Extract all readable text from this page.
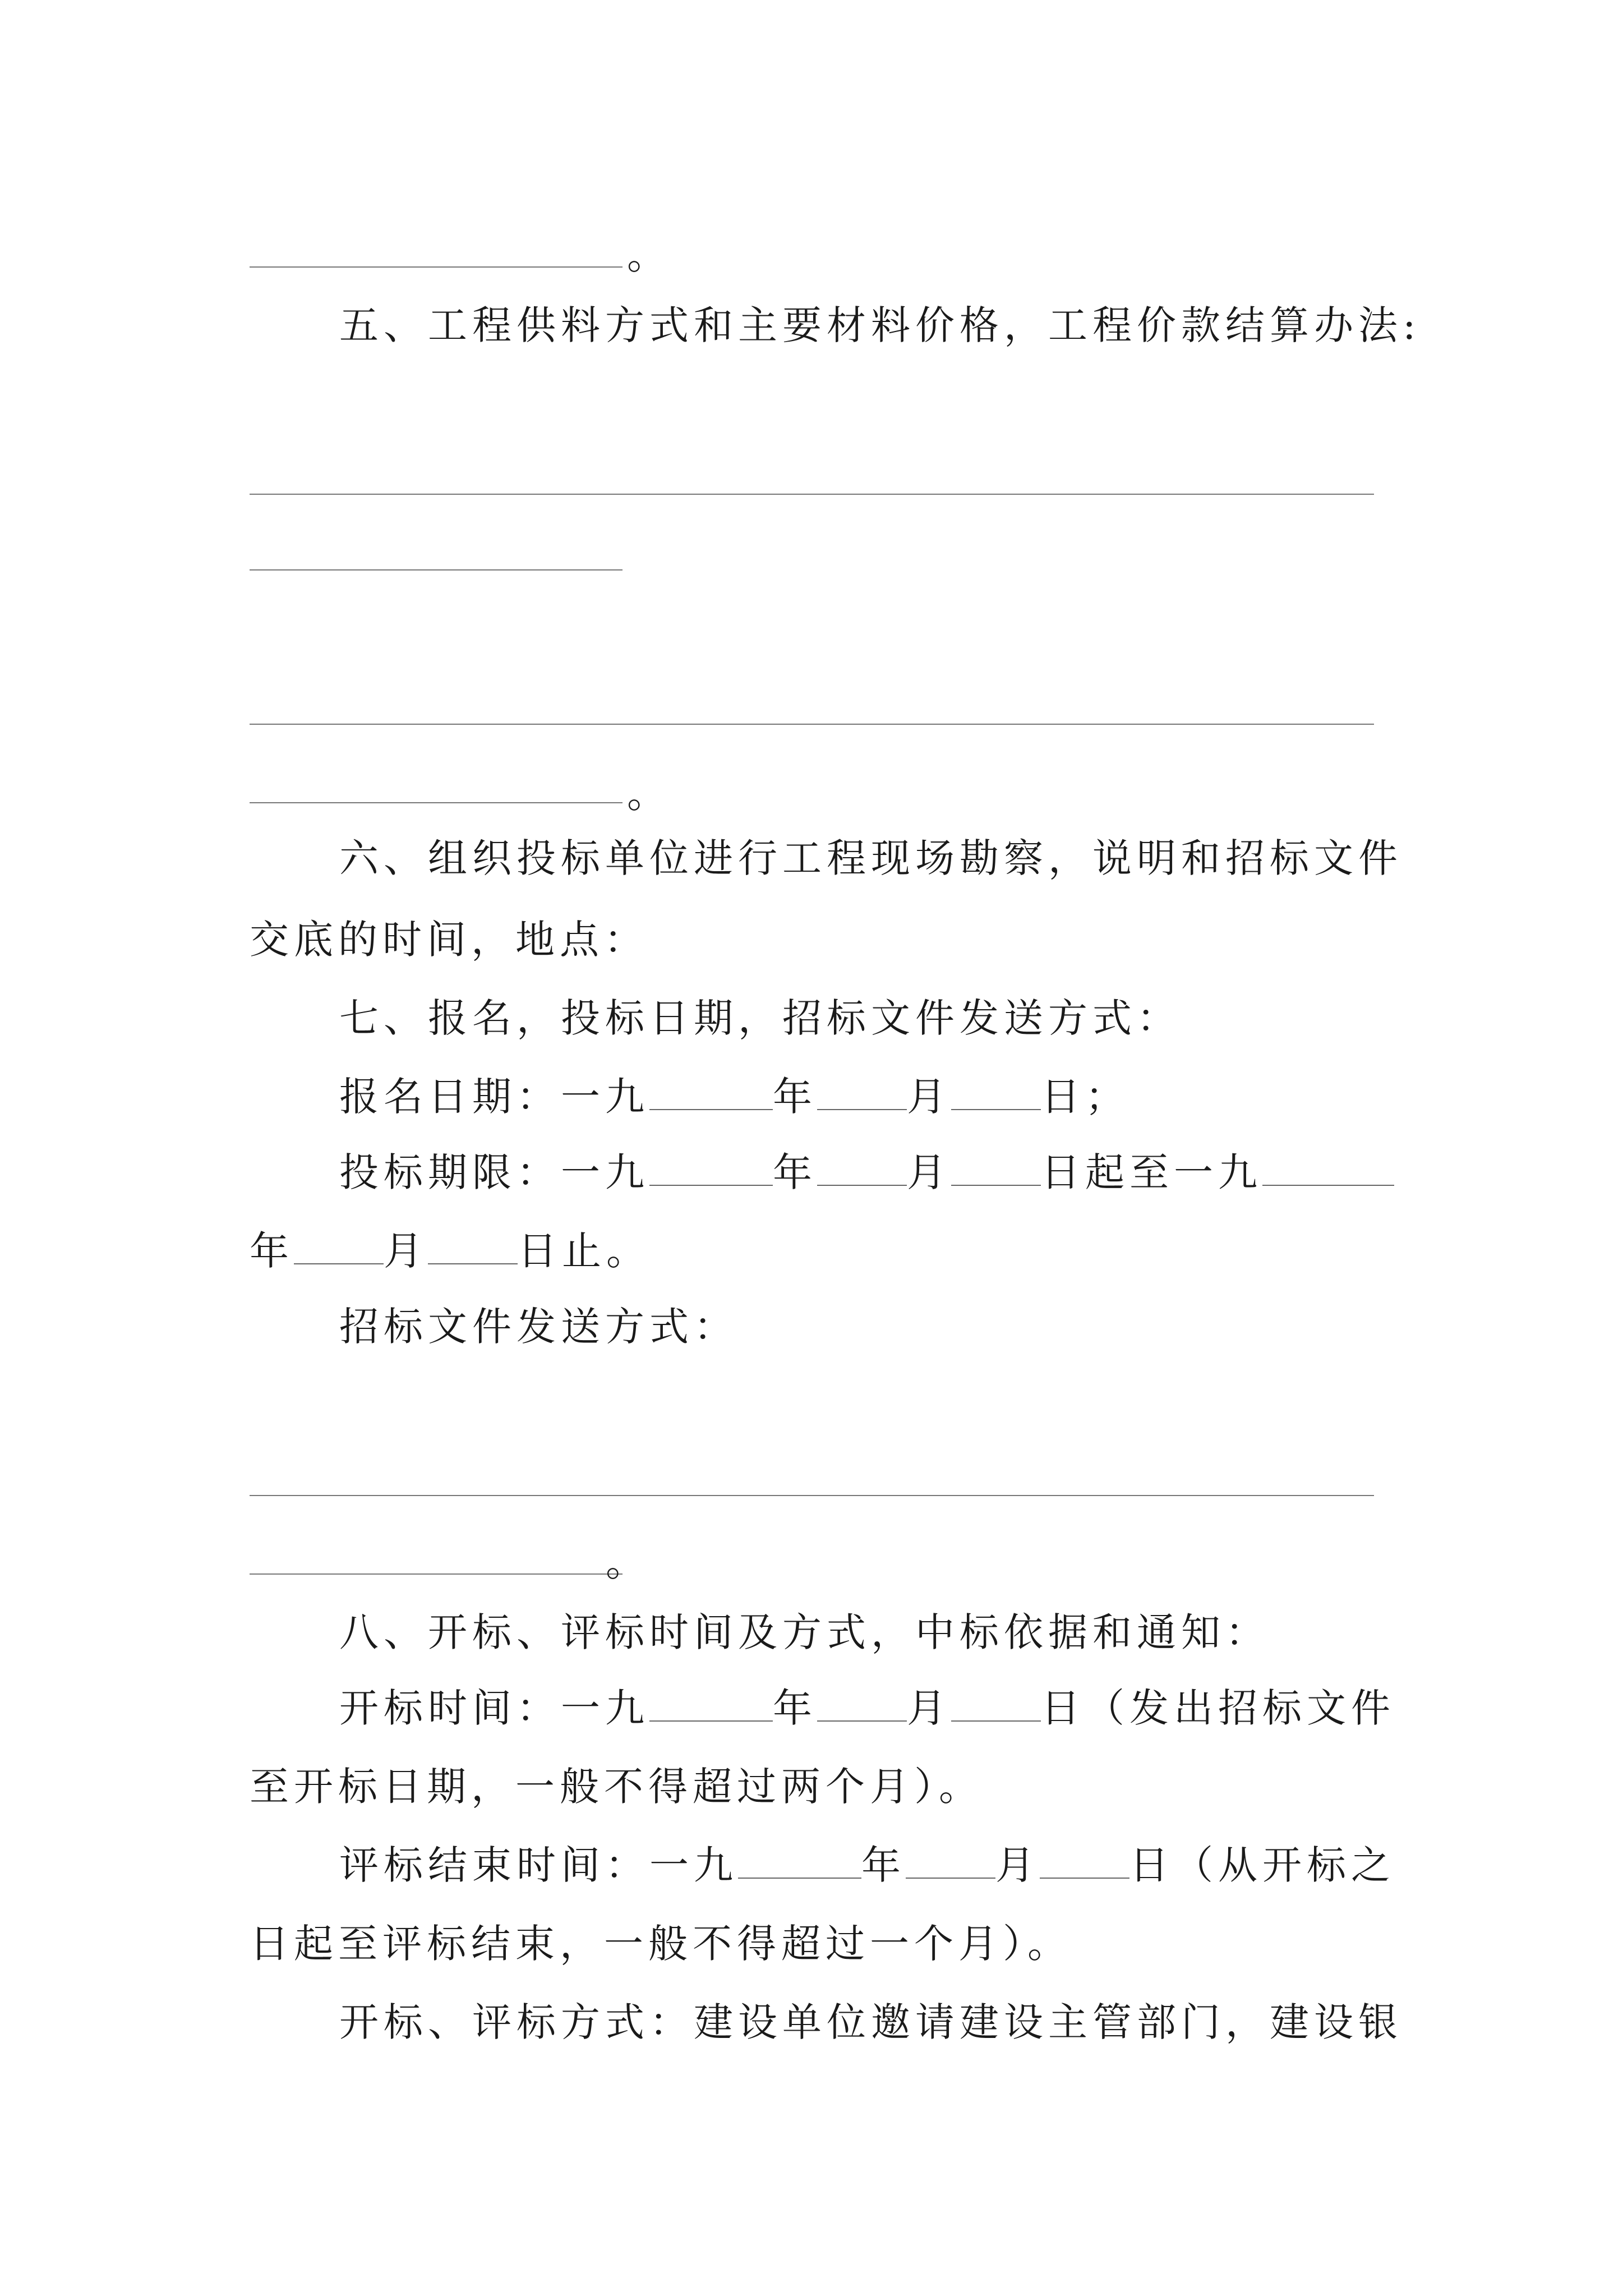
。
五、工程供料方式和主要材料价格，工程价款结算办法:
。
六、组织投标单位进行工程现场勘察，说明和招标文件
交底的时间，地点：
七、报名，投标日期，招标文件发送方式：
报名日期：一九	年 月 日；
投标期限：一九	年 月 日起至一九
年 月 日止。
招标文件发送方式：
。
八、开标、评标时间及方式，中标依据和通知：
开标时间：一九	年 月 日（发出招标文件
至开标日期，一般不得超过两个月）。
评标结束时间：一九	年 月 日（从开标之
日起至评标结束，一般不得超过一个月）。
开标、评标方式：建设单位邀请建设主管部门，建设银
